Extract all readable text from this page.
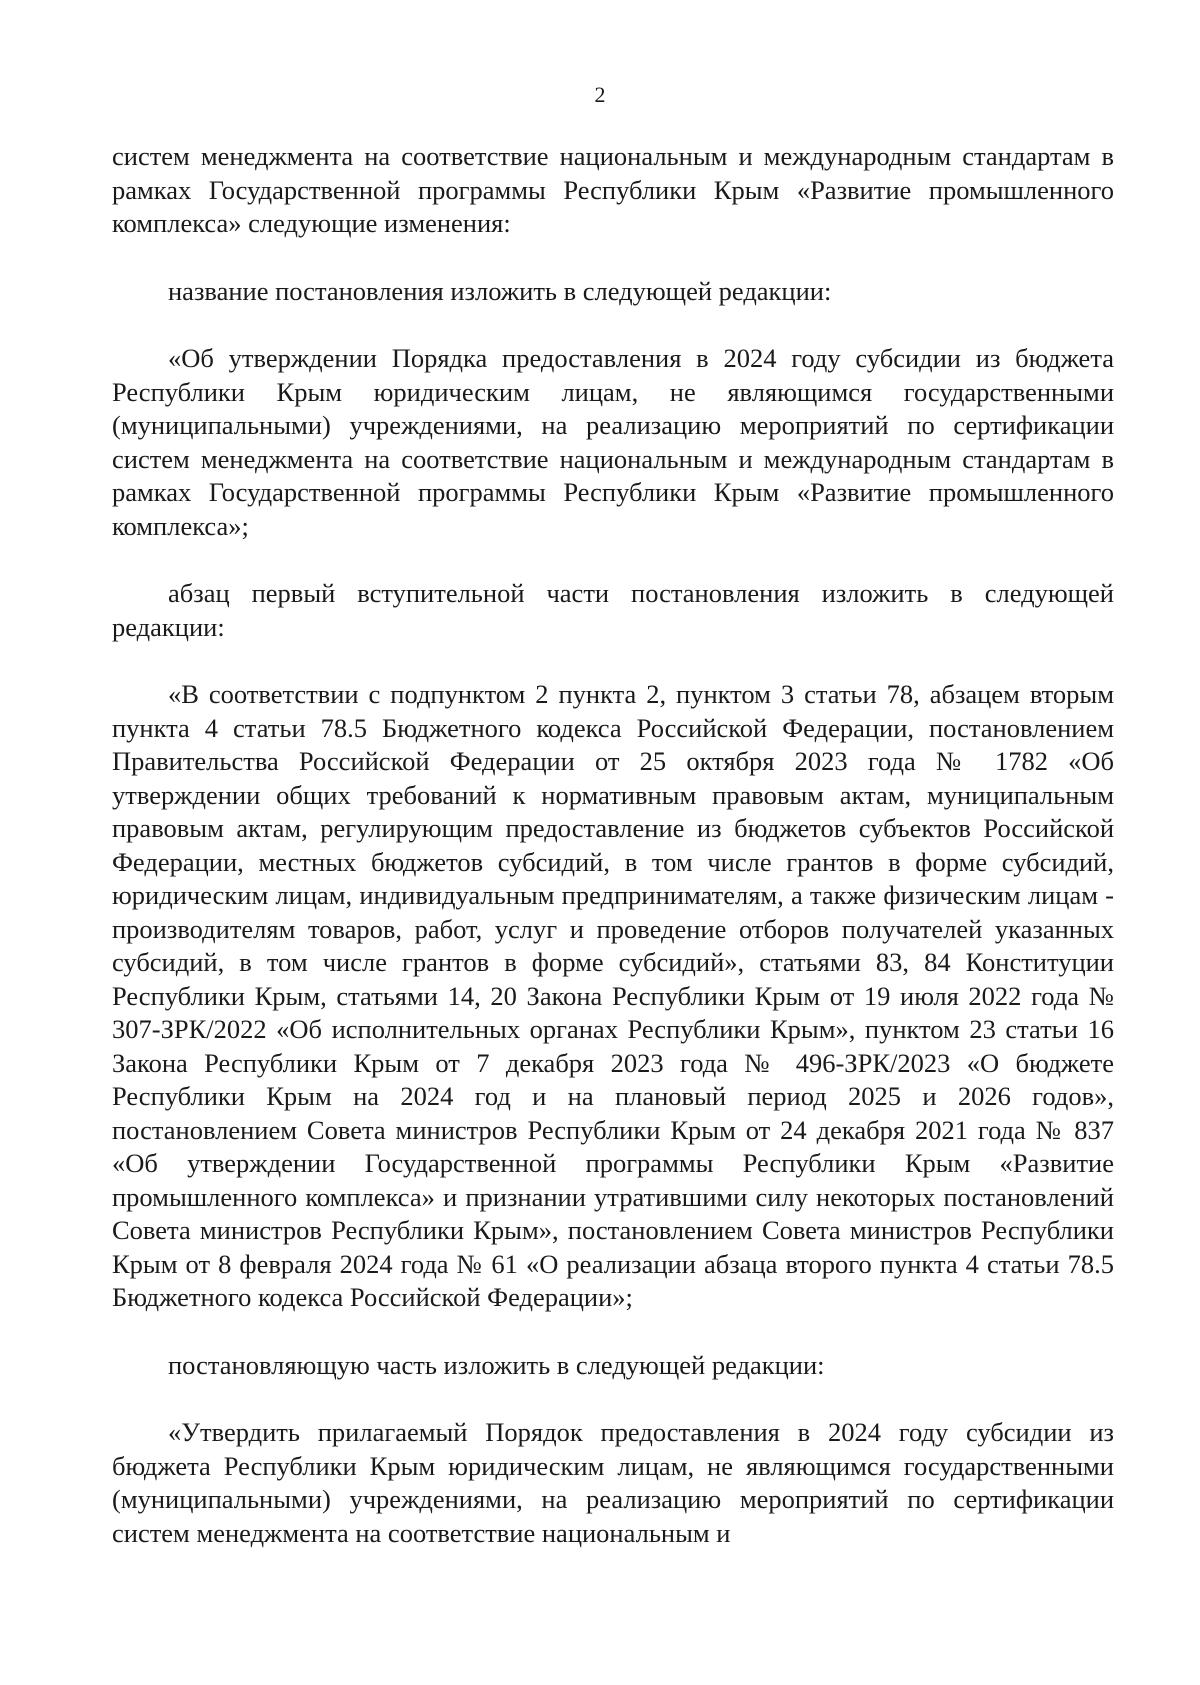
2

систем менеджмента на соответствие национальным и международным стандартам в рамках Государственной программы Республики Крым «Развитие промышленного комплекса» следующие изменения:

название постановления изложить в следующей редакции:

«Об утверждении Порядка предоставления в 2024 году субсидии из бюджета Республики Крым юридическим лицам, не являющимся государственными (муниципальными) учреждениями, на реализацию мероприятий по сертификации систем менеджмента на соответствие национальным и международным стандартам в рамках Государственной программы Республики Крым «Развитие промышленного комплекса»;

абзац первый вступительной части постановления изложить в следующей редакции:

«В соответствии с подпунктом 2 пункта 2, пунктом 3 статьи 78, абзацем вторым пункта 4 статьи 78.5 Бюджетного кодекса Российской Федерации, постановлением Правительства Российской Федерации от 25 октября 2023 года № 1782 «Об утверждении общих требований к нормативным правовым актам, муниципальным правовым актам, регулирующим предоставление из бюджетов субъектов Российской Федерации, местных бюджетов субсидий, в том числе грантов в форме субсидий, юридическим лицам, индивидуальным предпринимателям, а также физическим лицам - производителям товаров, работ, услуг и проведение отборов получателей указанных субсидий, в том числе грантов в форме субсидий», статьями 83, 84 Конституции Республики Крым, статьями 14, 20 Закона Республики Крым от 19 июля 2022 года № 307-ЗРК/2022 «Об исполнительных органах Республики Крым», пунктом 23 статьи 16 Закона Республики Крым от 7 декабря 2023 года № 496-ЗРК/2023 «О бюджете Республики Крым на 2024 год и на плановый период 2025 и 2026 годов», постановлением Совета министров Республики Крым от 24 декабря 2021 года № 837 «Об утверждении Государственной программы Республики Крым «Развитие промышленного комплекса» и признании утратившими силу некоторых постановлений Совета министров Республики Крым», постановлением Совета министров Республики Крым от 8 февраля 2024 года № 61 «О реализации абзаца второго пункта 4 статьи 78.5 Бюджетного кодекса Российской Федерации»;

постановляющую часть изложить в следующей редакции:

«Утвердить прилагаемый Порядок предоставления в 2024 году субсидии из бюджета Республики Крым юридическим лицам, не являющимся государственными (муниципальными) учреждениями, на реализацию мероприятий по сертификации систем менеджмента на соответствие национальным и
